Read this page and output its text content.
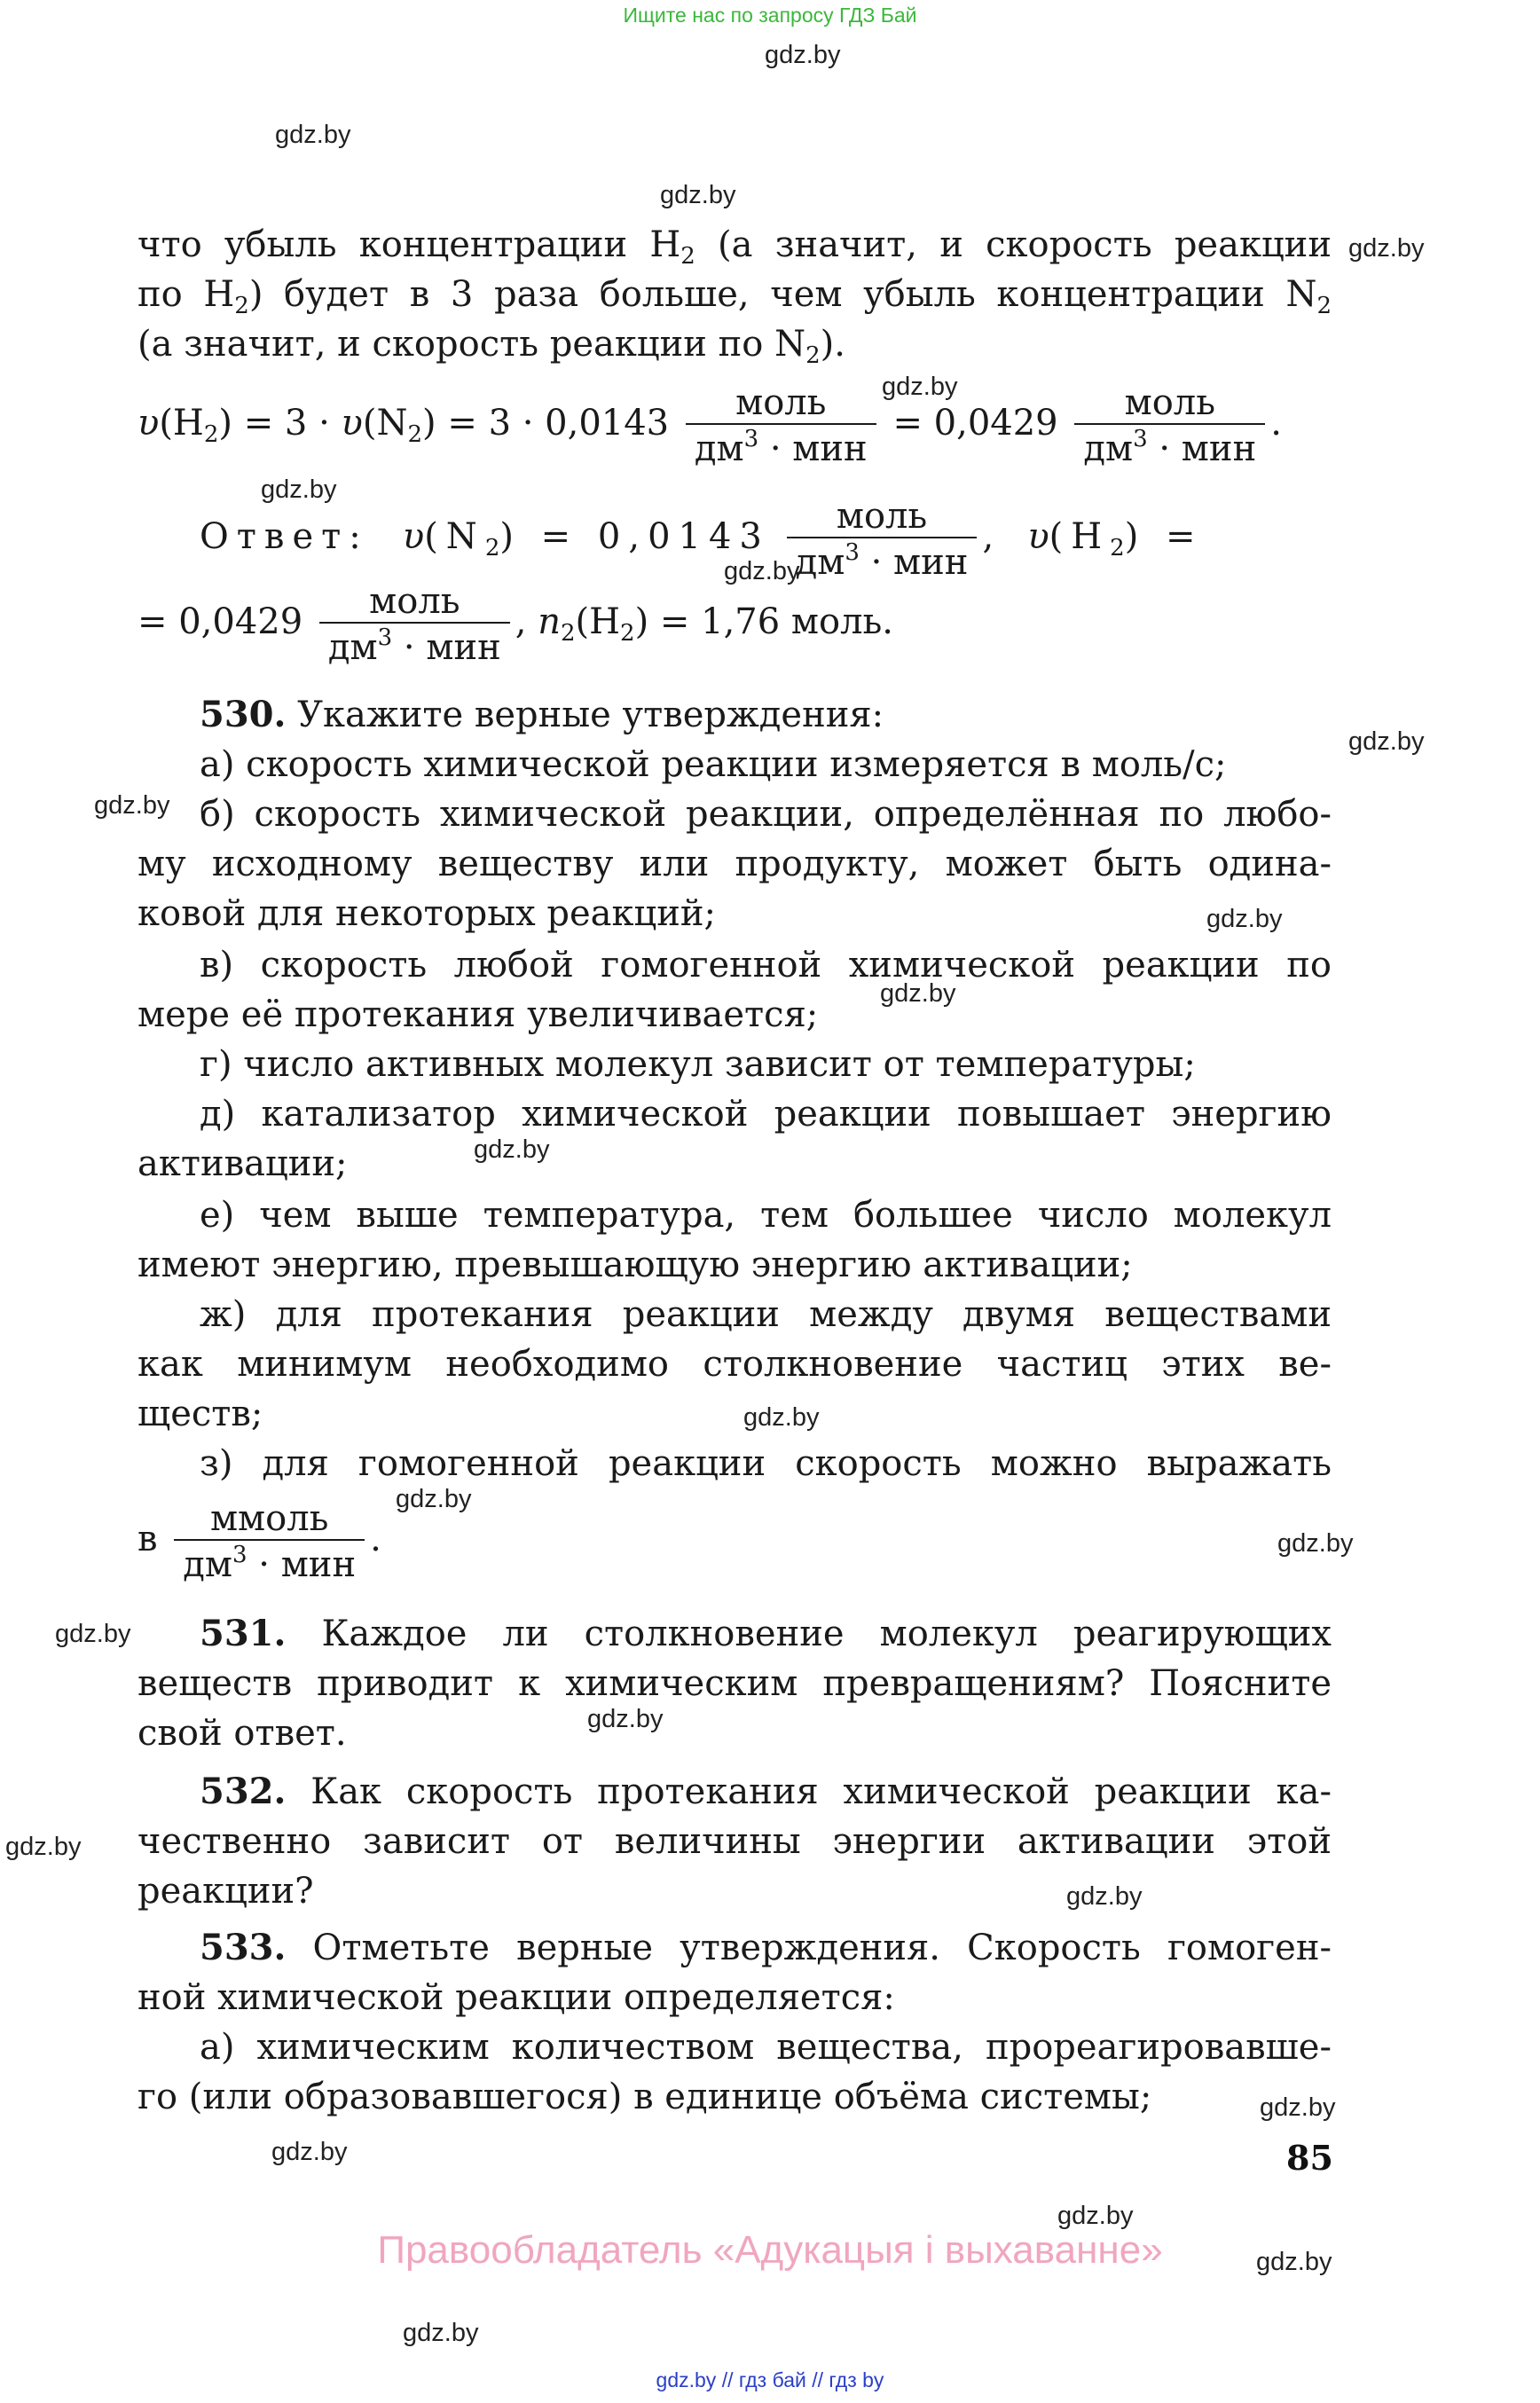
Ищите нас по запросу ГДЗ Бай
gdz.by
gdz.by
gdz.by
gdz.by
gdz.by
gdz.by
gdz.by
gdz.by
gdz.by
gdz.by
gdz.by
gdz.by
gdz.by
gdz.by
gdz.by
gdz.by
gdz.by
gdz.by
gdz.by
gdz.by
gdz.by
gdz.by
gdz.by
gdz.by
что убыль концентрации $H_2$ (а значит, и скорость реакции
по $H_2$) будет в 3 раза больше, чем убыль концентрации $N_2$
(а значит, и скорость реакции по $N_2$).
$\upsilon(H_2) = 3 \cdot \upsilon(N_2) = 3 \cdot 0,0143 \frac{\text{моль}}{дм^3 \cdot мин} = 0,0429 \frac{\text{моль}}{дм^3 \cdot мин}$ .
Ответ: $\upsilon(N_2) = 0,0143 \frac{\text{моль}}{дм^3 \cdot мин}$ , $\upsilon(H_2)$ =
= $0,0429 \frac{\text{моль}}{дм^3 \cdot мин}$ , $n_2(H_2) = 1,76$ моль.
530. Укажите верные утверждения:
а) скорость химической реакции измеряется в моль/с;
б) скорость химической реакции, определённая по любо-
му исходному веществу или продукту, может быть одина-
ковой для некоторых реакций;
в) скорость любой гомогенной химической реакции по
мере её протекания увеличивается;
г) число активных молекул зависит от температуры;
д) катализатор химической реакции повышает энергию
активации;
е) чем выше температура, тем большее число молекул
имеют энергию, превышающую энергию активации;
ж) для протекания реакции между двумя веществами
как минимум необходимо столкновение частиц этих ве-
ществ;
з) для гомогенной реакции скорость можно выражать
в $\frac{\text{ммоль}}{дм^3 \cdot мин}$ .
531. Каждое ли столкновение молекул реагирующих
веществ приводит к химическим превращениям? Поясните
свой ответ.
532. Как скорость протекания химической реакции ка-
чественно зависит от величины энергии активации этой
реакции?
533. Отметьте верные утверждения. Скорость гомоген-
ной химической реакции определяется:
а) химическим количеством вещества, прореагировавше-
го (или образовавшегося) в единице объёма системы;
85
Правообладатель «Адукацыя і выхаванне»
gdz.by // гдз бай // гдз by
